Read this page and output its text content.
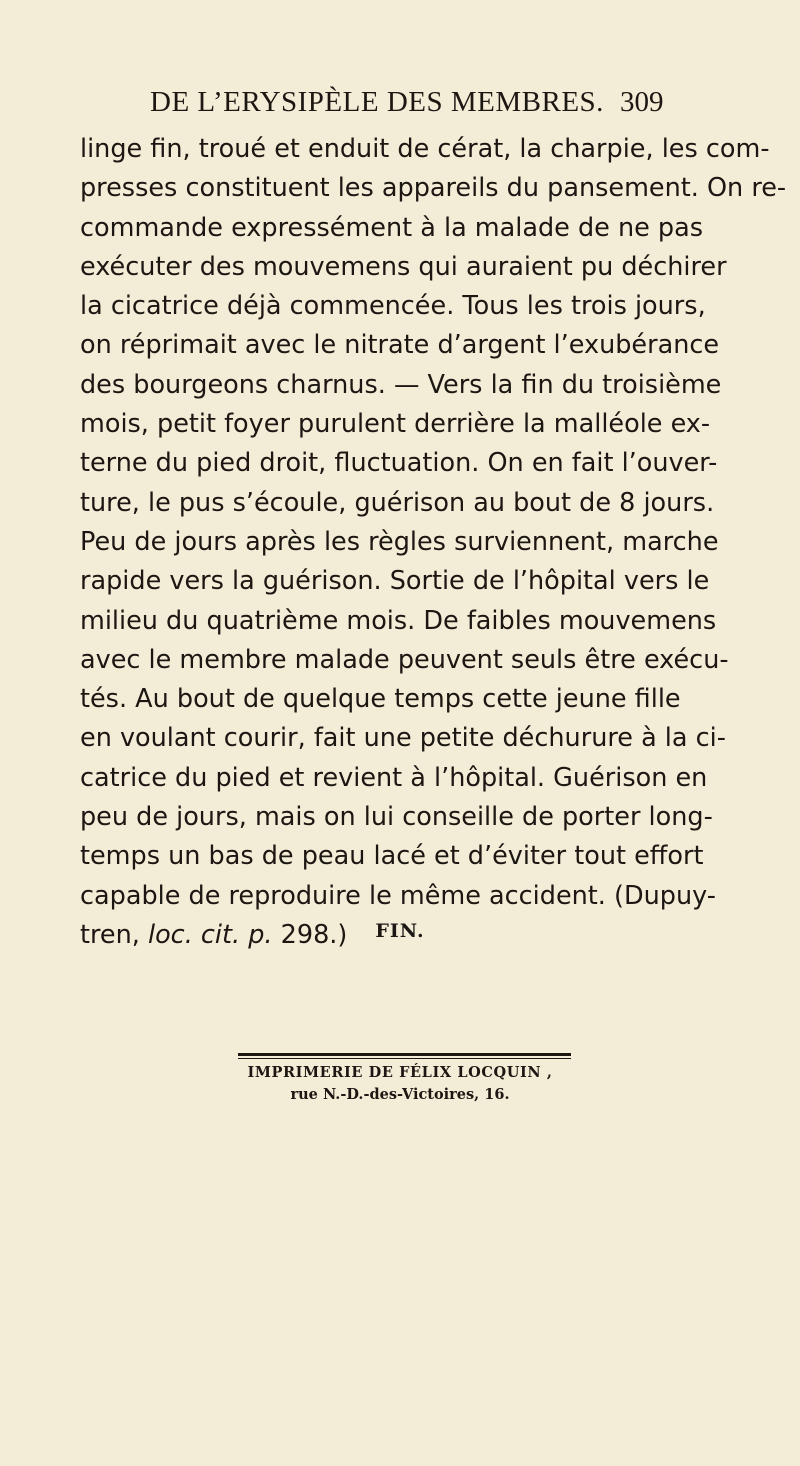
DE L’ERYSIPÈLE DES MEMBRES. 309
linge fin, troué et enduit de cérat, la charpie, les com-
presses constituent les appareils du pansement. On re-
commande expressément à la malade de ne pas
exécuter des mouvemens qui auraient pu déchirer
la cicatrice déjà commencée. Tous les trois jours,
on réprimait avec le nitrate d’argent l’exubérance
des bourgeons charnus. — Vers la fin du troisième
mois, petit foyer purulent derrière la malléole ex-
terne du pied droit, fluctuation. On en fait l’ouver-
ture, le pus s’écoule, guérison au bout de 8 jours.
Peu de jours après les règles surviennent, marche
rapide vers la guérison. Sortie de l’hôpital vers le
milieu du quatrième mois. De faibles mouvemens
avec le membre malade peuvent seuls être exécu-
tés. Au bout de quelque temps cette jeune fille
en voulant courir, fait une petite déchurure à la ci-
catrice du pied et revient à l’hôpital. Guérison en
peu de jours, mais on lui conseille de porter long-
temps un bas de peau lacé et d’éviter tout effort
capable de reproduire le même accident. (Dupuy-
tren, loc. cit. p. 298.)	FIN.
IMPRIMERIE DE FÉLIX LOCQUIN ,
rue N.-D.-des-Victoires, 16.
